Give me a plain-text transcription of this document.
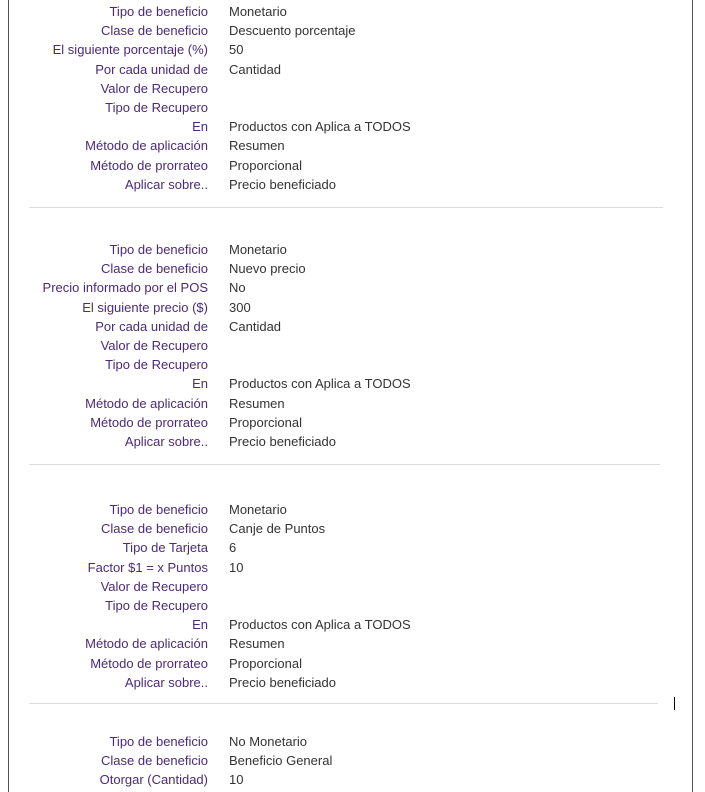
Tipo de beneficio Monetario
Clase de beneficio Descuento porcentaje
El siguiente porcentaje (%) 50
Por cada unidad de Cantidad
Valor de Recupero
Tipo de Recupero
En Productos con Aplica a TODOS
Método de aplicación Resumen
Método de prorrateo Proporcional
Aplicar sobre.. Precio beneficiado
Tipo de beneficio Monetario
Clase de beneficio Nuevo precio
Precio informado por el POS No
El siguiente precio ($) 300
Por cada unidad de Cantidad
Valor de Recupero
Tipo de Recupero
En Productos con Aplica a TODOS
Método de aplicación Resumen
Método de prorrateo Proporcional
Aplicar sobre.. Precio beneficiado
Tipo de beneficio Monetario
Clase de beneficio Canje de Puntos
Tipo de Tarjeta 6
Factor $1 = x Puntos 10
Valor de Recupero
Tipo de Recupero
En Productos con Aplica a TODOS
Método de aplicación Resumen
Método de prorrateo Proporcional
Aplicar sobre.. Precio beneficiado
Tipo de beneficio No Monetario
Clase de beneficio Beneficio General
Otorgar (Cantidad) 10
